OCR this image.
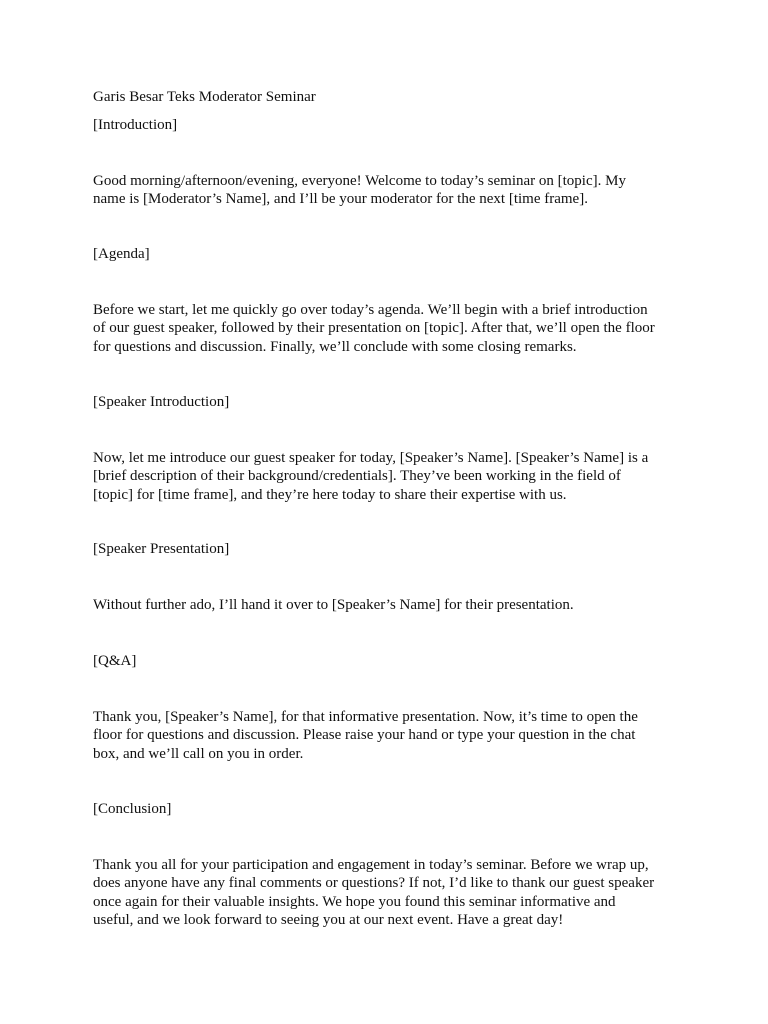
Garis Besar Teks Moderator Seminar

[Introduction]

Good morning/afternoon/evening, everyone! Welcome to today’s seminar on [topic]. My
name is [Moderator’s Name], and I’ll be your moderator for the next [time frame].

[Agenda]

Before we start, let me quickly go over today’s agenda. We’ll begin with a brief introduction
of our guest speaker, followed by their presentation on [topic]. After that, we’ll open the floor
for questions and discussion. Finally, we’ll conclude with some closing remarks.

[Speaker Introduction]

Now, let me introduce our guest speaker for today, [Speaker’s Name]. [Speaker’s Name] is a
[brief description of their background/credentials]. They’ve been working in the field of
[topic] for [time frame], and they’re here today to share their expertise with us.

[Speaker Presentation]

Without further ado, I’ll hand it over to [Speaker’s Name] for their presentation.

[Q&A]

Thank you, [Speaker’s Name], for that informative presentation. Now, it’s time to open the
floor for questions and discussion. Please raise your hand or type your question in the chat
box, and we’ll call on you in order.

[Conclusion]

Thank you all for your participation and engagement in today’s seminar. Before we wrap up,
does anyone have any final comments or questions? If not, I’d like to thank our guest speaker
once again for their valuable insights. We hope you found this seminar informative and
useful, and we look forward to seeing you at our next event. Have a great day!
